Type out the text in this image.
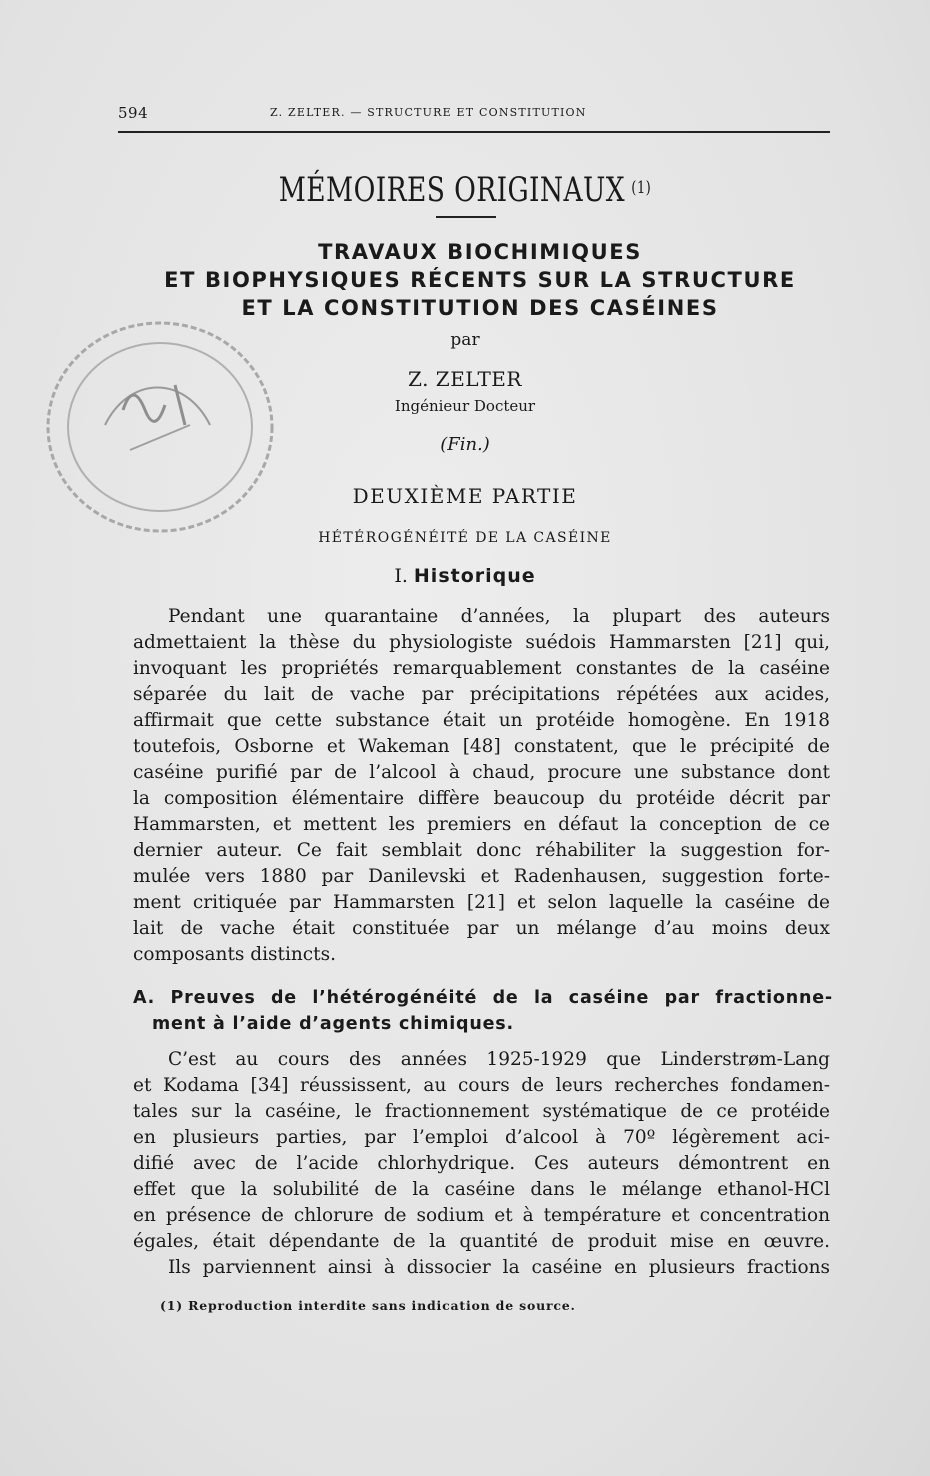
594	Z. ZELTER. — STRUCTURE ET CONSTITUTION
MÉMOIRES ORIGINAUX $^{(1)}$

TRAVAUX BIOCHIMIQUES

ET BIOPHYSIQUES RÉCENTS SUR LA STRUCTURE

ET LA CONSTITUTION DES CASÉINES

par

Z. ZELTER

Ingénieur Docteur

(Fin.)

DEUXIÈME PARTIE

HÉTÉROGÉNÉITÉ DE LA CASÉINE

I. Historique

Pendant une quarantaine d’années, la plupart des auteurs

admettaient la thèse du physiologiste suédois Hammarsten [21] qui,

invoquant les propriétés remarquablement constantes de la caséine

séparée du lait de vache par précipitations répétées aux acides,

affirmait que cette substance était un protéide homogène. En 1918

toutefois, Osborne et Wakeman [48] constatent, que le précipité de

caséine purifié par de l’alcool à chaud, procure une substance dont

la composition élémentaire diffère beaucoup du protéide décrit par

Hammarsten, et mettent les premiers en défaut la conception de ce

dernier auteur. Ce fait semblait donc réhabiliter la suggestion for-

mulée vers 1880 par Danilevski et Radenhausen, suggestion forte-

ment critiquée par Hammarsten [21] et selon laquelle la caséine de

lait de vache était constituée par un mélange d’au moins deux

composants distincts.

A. Preuves de l’hétérogénéité de la caséine par fractionne-

ment à l’aide d’agents chimiques.

C’est au cours des années 1925-1929 que Linderstrøm-Lang

et Kodama [34] réussissent, au cours de leurs recherches fondamen-

tales sur la caséine, le fractionnement systématique de ce protéide

en plusieurs parties, par l’emploi d’alcool à 70º légèrement aci-

difié avec de l’acide chlorhydrique. Ces auteurs démontrent en

effet que la solubilité de la caséine dans le mélange ethanol-HCl

en présence de chlorure de sodium et à température et concentration

égales, était dépendante de la quantité de produit mise en œuvre.

Ils parviennent ainsi à dissocier la caséine en plusieurs fractions

(1) Reproduction interdite sans indication de source.
